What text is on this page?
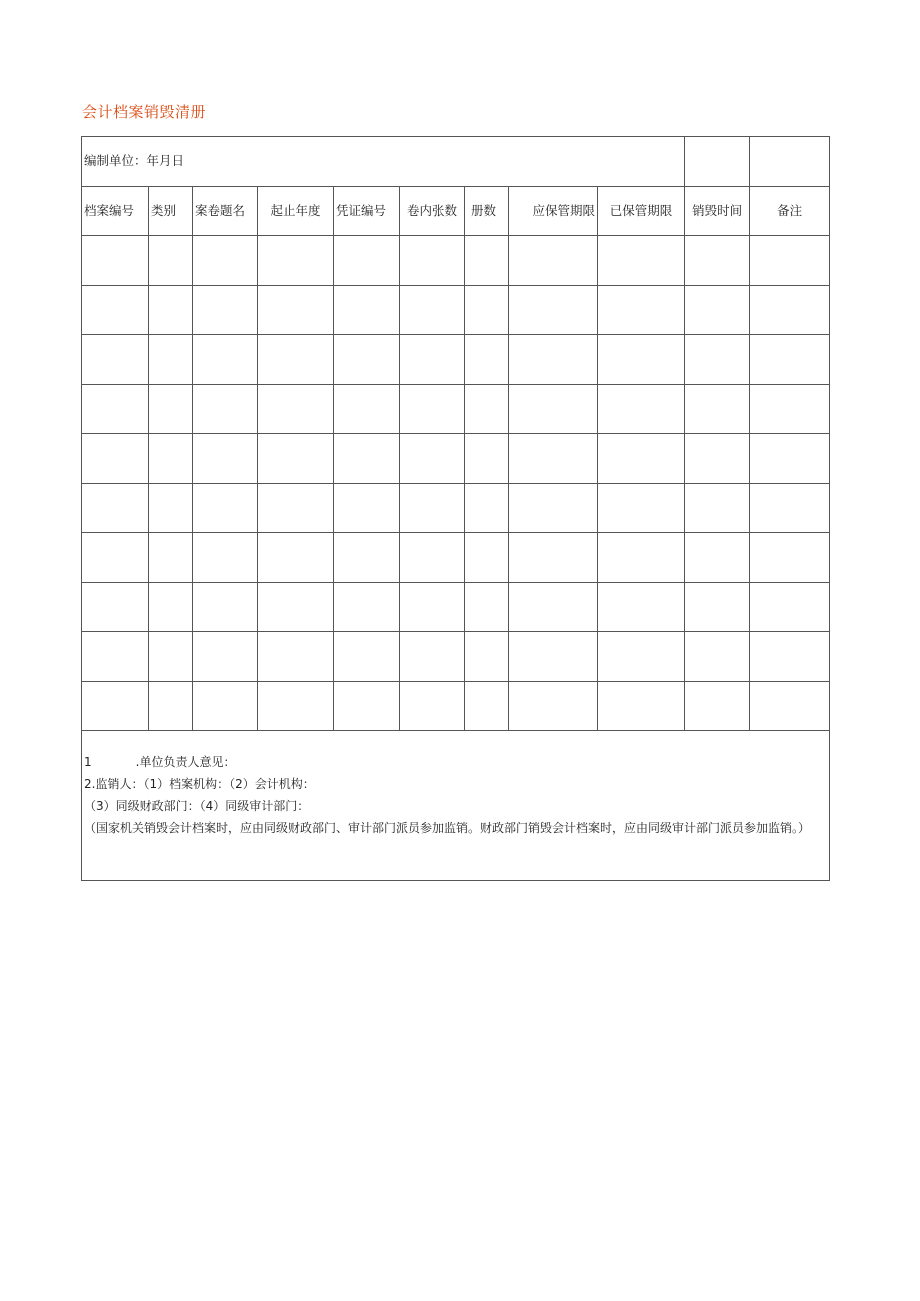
会计档案销毁清册
编制单位：年月日										
档案编号	类别	案卷题名	起止年度	凭证编号	卷内张数	册数	应保管期限	已保管期限	销毁时间	备注

1 .单位负责人意见：
2.监销人：（1）档案机构：（2）会计机构：
（3）同级财政部门：（4）同级审计部门：
（国家机关销毁会计档案时，应由同级财政部门、审计部门派员参加监销。财政部门销毁会计档案时，应由同级审计部门派员参加监销。）										
